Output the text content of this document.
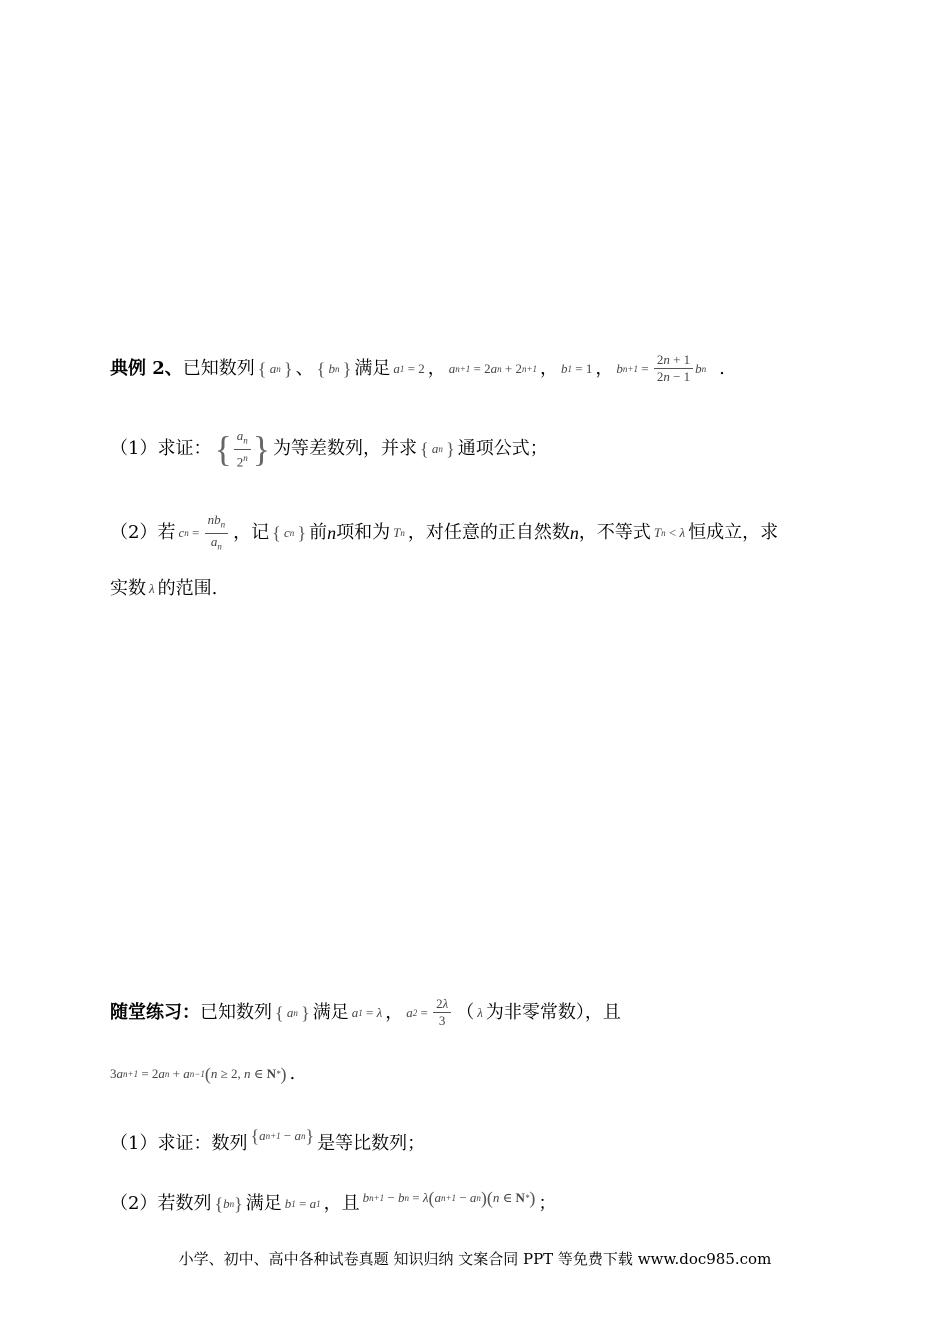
典例 2、 已知数列 { a n
} 、 { b n
} 满足 a 1 = 2 ， a n+1 = 2 a n + 2 n+1 ， b 1 = 1 ， b $n+1 = \frac{2n + 1}{2n - 1}$ b n .
（1）求证： { $\frac{a_n}{2^n}$ } 为等差数列，并求 { a n
} 通项公式；
（2）若 c $n = \frac{nb_n}{a_n}$ ，记 { c n
} 前 n 项和为 T n ，对任意的正自然数 n ，不等式 T n < λ 恒成立，求
实数 λ 的范围.
随堂练习： 已知数列 { a n
} 满足 a 1 = λ ， a $2 = \frac{2\lambda}{3}$ （ λ 为非零常数），且
3 a n+1 = 2 a n + a n−1 ( n ≥ 2, n ∈ N * ) .
（1）求证：数列 { a n+1 − a n } 是等比数列；
（2）若数列 { b n } 满足 b 1 = a 1 ，且 b n+1 − b n = λ ( a n+1 − a n ) ( n ∈ N * ) ；
小学、初中、高中各种试卷真题 知识归纳 文案合同 PPT 等免费下载 www.doc985.com
